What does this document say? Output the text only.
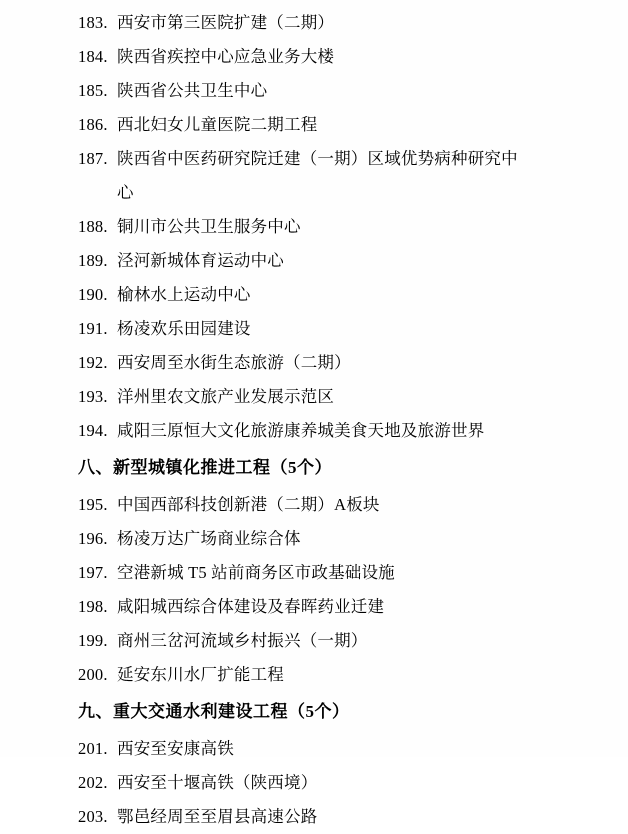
183. 西安市第三医院扩建（二期）
184. 陕西省疾控中心应急业务大楼
185. 陕西省公共卫生中心
186. 西北妇女儿童医院二期工程
187. 陕西省中医药研究院迁建（一期）区域优势病种研究中
心
188. 铜川市公共卫生服务中心
189. 泾河新城体育运动中心
190. 榆林水上运动中心
191. 杨凌欢乐田园建设
192. 西安周至水街生态旅游（二期）
193. 洋州里农文旅产业发展示范区
194. 咸阳三原恒大文化旅游康养城美食天地及旅游世界
八、 新型城镇化推进工程（5个）
195. 中国西部科技创新港（二期）A板块
196. 杨凌万达广场商业综合体
197. 空港新城 T5 站前商务区市政基础设施
198. 咸阳城西综合体建设及春晖药业迁建
199. 商州三岔河流域乡村振兴（一期）
200. 延安东川水厂扩能工程
九、 重大交通水利建设工程（5个）
201. 西安至安康高铁
202. 西安至十堰高铁（陕西境）
203. 鄂邑经周至至眉县高速公路
